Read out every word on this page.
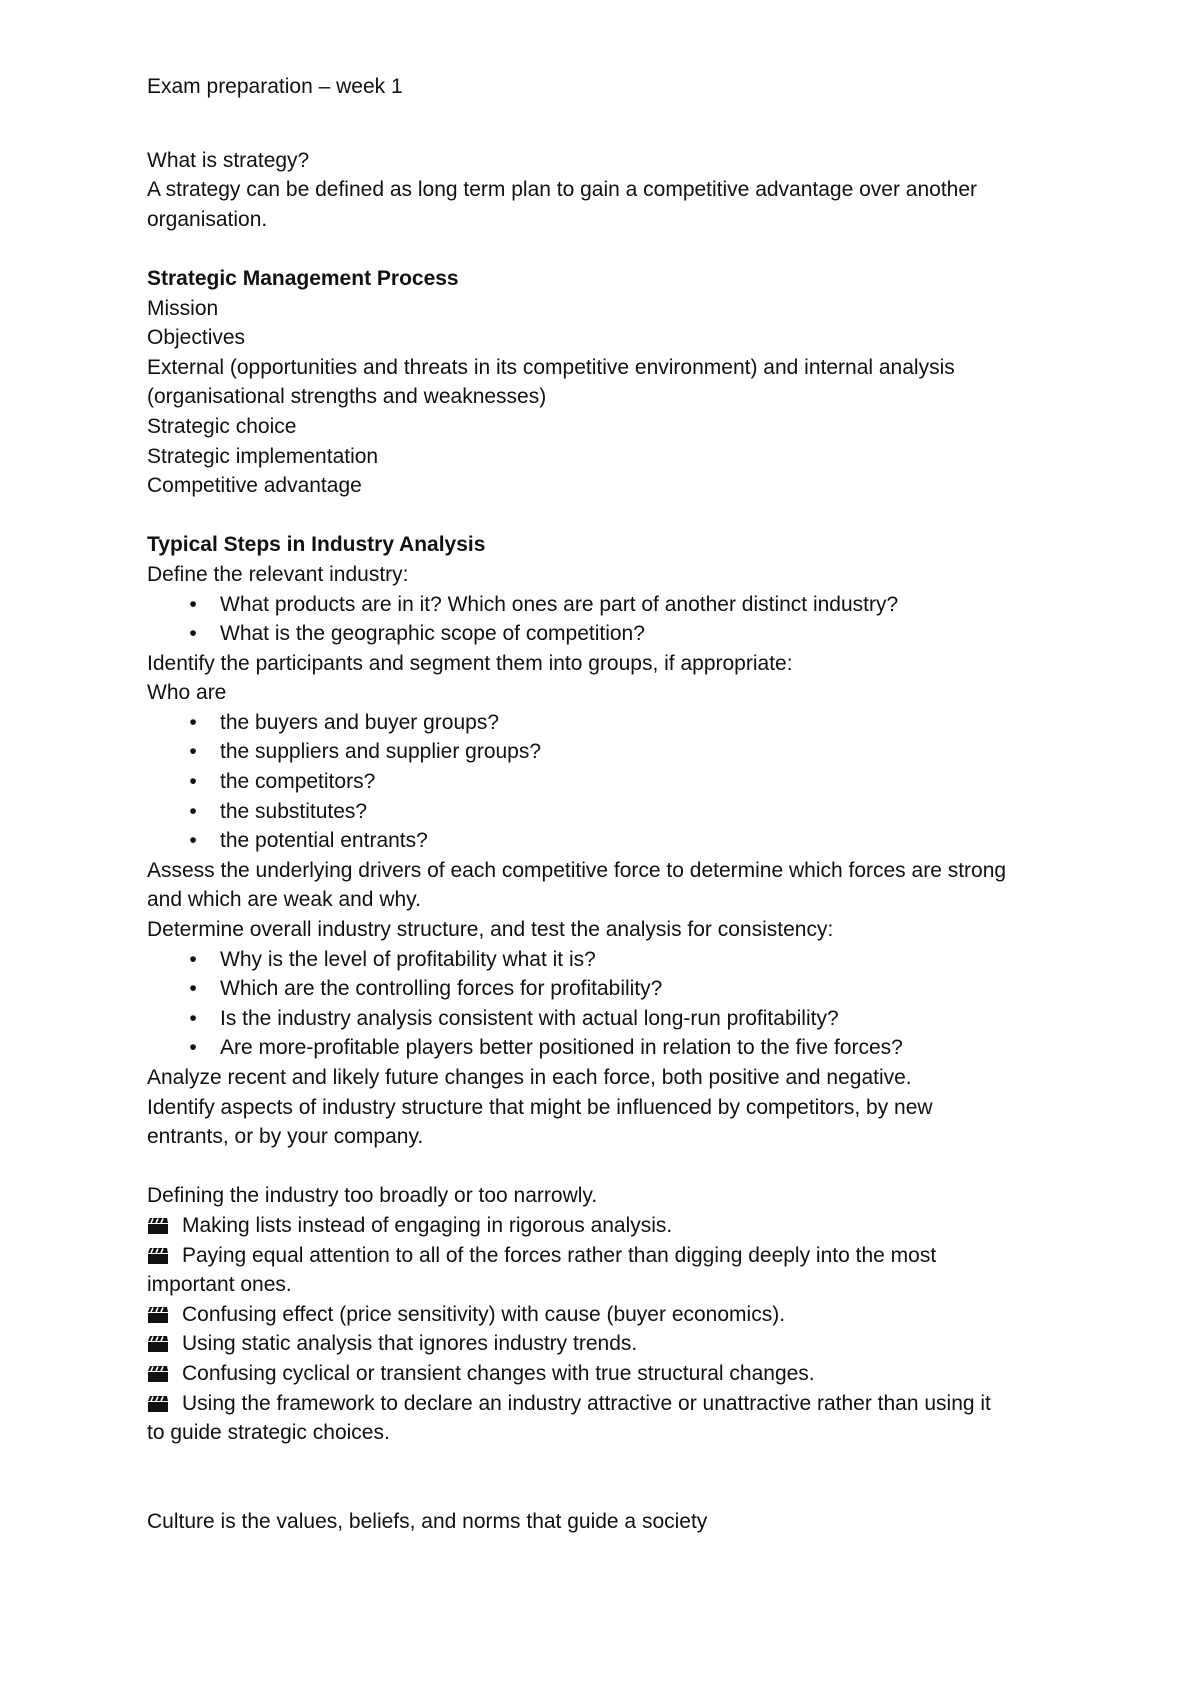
Exam preparation – week 1

What is strategy?

A strategy can be defined as long term plan to gain a competitive advantage over another

organisation.

Strategic Management Process

Mission

Objectives

External (opportunities and threats in its competitive environment) and internal analysis

(organisational strengths and weaknesses)

Strategic choice

Strategic implementation

Competitive advantage

Typical Steps in Industry Analysis

Define the relevant industry:

• What products are in it? Which ones are part of another distinct industry?
• What is the geographic scope of competition?

Identify the participants and segment them into groups, if appropriate:

Who are

• the buyers and buyer groups?
• the suppliers and supplier groups?
• the competitors?
• the substitutes?
• the potential entrants?

Assess the underlying drivers of each competitive force to determine which forces are strong

and which are weak and why.

Determine overall industry structure, and test the analysis for consistency:

• Why is the level of profitability what it is?
• Which are the controlling forces for profitability?
• Is the industry analysis consistent with actual long-run profitability?
• Are more-profitable players better positioned in relation to the five forces?

Analyze recent and likely future changes in each force, both positive and negative.

Identify aspects of industry structure that might be influenced by competitors, by new

entrants, or by your company.

Defining the industry too broadly or too narrowly.

Making lists instead of engaging in rigorous analysis.

Paying equal attention to all of the forces rather than digging deeply into the most

important ones.

Confusing effect (price sensitivity) with cause (buyer economics).

Using static analysis that ignores industry trends.

Confusing cyclical or transient changes with true structural changes.

Using the framework to declare an industry attractive or unattractive rather than using it

to guide strategic choices.

Culture is the values, beliefs, and norms that guide a society
